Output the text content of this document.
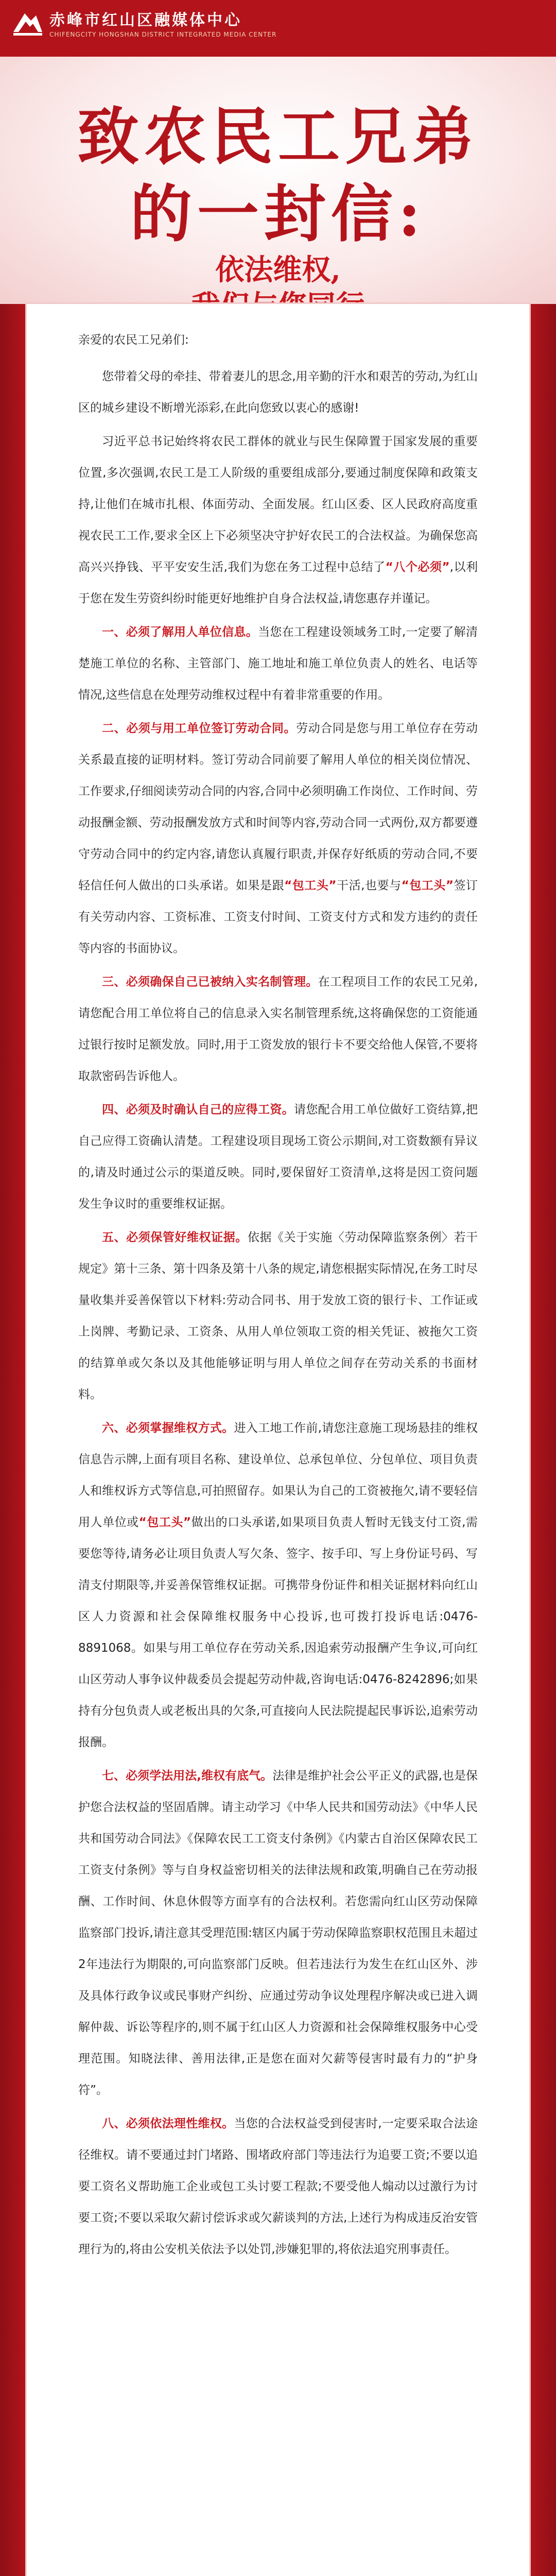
赤峰市红山区融媒体中心
CHIFENGCITY HONGSHAN DISTRICT INTEGRATED MEDIA CENTER
致农民工兄弟
的一封信:
依法维权,

亲爱的农民工兄弟们:

您带着父母的牵挂、带着妻儿的思念,用辛勤的汗水和艰苦的劳动,为红山区的城乡建设不断增光添彩,在此向您致以衷心的感谢!

习近平总书记始终将农民工群体的就业与民生保障置于国家发展的重要位置,多次强调,农民工是工人阶级的重要组成部分,要通过制度保障和政策支持,让他们在城市扎根、体面劳动、全面发展。红山区委、区人民政府高度重视农民工工作,要求全区上下必须坚决守护好农民工的合法权益。为确保您高高兴兴挣钱、平平安安生活,我们为您在务工过程中总结了“八个必须”,以利于您在发生劳资纠纷时能更好地维护自身合法权益,请您惠存并谨记。

一、必须了解用人单位信息。当您在工程建设领域务工时,一定要了解清楚施工单位的名称、主管部门、施工地址和施工单位负责人的姓名、电话等情况,这些信息在处理劳动维权过程中有着非常重要的作用。

二、必须与用工单位签订劳动合同。劳动合同是您与用工单位存在劳动关系最直接的证明材料。签订劳动合同前要了解用人单位的相关岗位情况、工作要求,仔细阅读劳动合同的内容,合同中必须明确工作岗位、工作时间、劳动报酬金额、劳动报酬发放方式和时间等内容,劳动合同一式两份,双方都要遵守劳动合同中的约定内容,请您认真履行职责,并保存好纸质的劳动合同,不要轻信任何人做出的口头承诺。如果是跟“包工头”干活,也要与“包工头”签订有关劳动内容、工资标准、工资支付时间、工资支付方式和发方违约的责任等内容的书面协议。

三、必须确保自己已被纳入实名制管理。在工程项目工作的农民工兄弟,请您配合用工单位将自己的信息录入实名制管理系统,这将确保您的工资能通过银行按时足额发放。同时,用于工资发放的银行卡不要交给他人保管,不要将取款密码告诉他人。

四、必须及时确认自己的应得工资。请您配合用工单位做好工资结算,把自己应得工资确认清楚。工程建设项目现场工资公示期间,对工资数额有异议的,请及时通过公示的渠道反映。同时,要保留好工资清单,这将是因工资问题发生争议时的重要维权证据。

五、必须保管好维权证据。依据《关于实施〈劳动保障监察条例〉若干规定》第十三条、第十四条及第十八条的规定,请您根据实际情况,在务工时尽量收集并妥善保管以下材料:劳动合同书、用于发放工资的银行卡、工作证或上岗牌、考勤记录、工资条、从用人单位领取工资的相关凭证、被拖欠工资的结算单或欠条以及其他能够证明与用人单位之间存在劳动关系的书面材料。

六、必须掌握维权方式。进入工地工作前,请您注意施工现场悬挂的维权信息告示牌,上面有项目名称、建设单位、总承包单位、分包单位、项目负责人和维权诉方式等信息,可拍照留存。如果认为自己的工资被拖欠,请不要轻信用人单位或“包工头”做出的口头承诺,如果项目负责人暂时无钱支付工资,需要您等待,请务必让项目负责人写欠条、签字、按手印、写上身份证号码、写清支付期限等,并妥善保管维权证据。可携带身份证件和相关证据材料向红山区人力资源和社会保障维权服务中心投诉,也可拨打投诉电话:0476-8891068。如果与用工单位存在劳动关系,因追索劳动报酬产生争议,可向红山区劳动人事争议仲裁委员会提起劳动仲裁,咨询电话:0476-8242896;如果持有分包负责人或老板出具的欠条,可直接向人民法院提起民事诉讼,追索劳动报酬。

七、必须学法用法,维权有底气。法律是维护社会公平正义的武器,也是保护您合法权益的坚固盾牌。请主动学习《中华人民共和国劳动法》《中华人民共和国劳动合同法》《保障农民工工资支付条例》《内蒙古自治区保障农民工工资支付条例》等与自身权益密切相关的法律法规和政策,明确自己在劳动报酬、工作时间、休息休假等方面享有的合法权利。若您需向红山区劳动保障监察部门投诉,请注意其受理范围:辖区内属于劳动保障监察职权范围且未超过2年违法行为期限的,可向监察部门反映。但若违法行为发生在红山区外、涉及具体行政争议或民事财产纠纷、应通过劳动争议处理程序解决或已进入调解仲裁、诉讼等程序的,则不属于红山区人力资源和社会保障维权服务中心受理范围。知晓法律、善用法律,正是您在面对欠薪等侵害时最有力的“护身符”。

八、必须依法理性维权。当您的合法权益受到侵害时,一定要采取合法途径维权。请不要通过封门堵路、围堵政府部门等违法行为追要工资;不要以追要工资名义帮助施工企业或包工头讨要工程款;不要受他人煽动以过激行为讨要工资;不要以采取欠薪讨偿诉求或欠薪谈判的方法,上述行为构成违反治安管理行为的,将由公安机关依法予以处罚,涉嫌犯罪的,将依法追究刑事责任。
